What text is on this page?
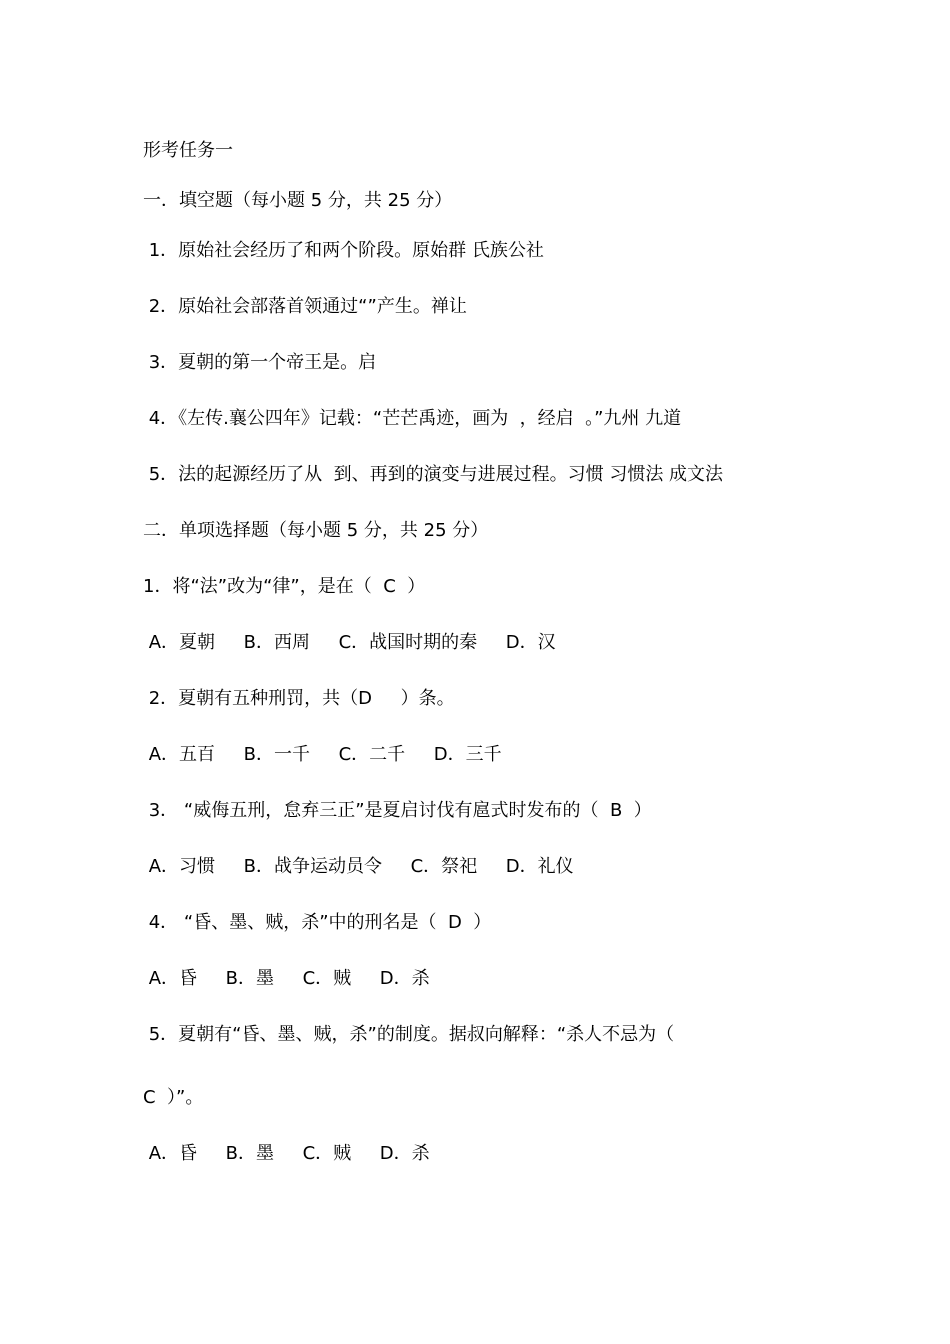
形考任务一

一．填空题（每小题 5 分，共 25 分）

1．原始社会经历了和两个阶段。原始群 氏族公社

2．原始社会部落首领通过“”产生。禅让

3．夏朝的第一个帝王是。启

4．《左传.襄公四年》记载：“芒芒禹迹，画为  ，经启  。”九州 九道

5．法的起源经历了从  到、再到的演变与进展过程。习惯 习惯法 成文法

二．单项选择题（每小题 5 分，共 25 分）

1．将“法”改为“律”，是在（  C  ）

A．夏朝     B．西周     C．战国时期的秦     D．汉

2．夏朝有五种刑罚，共（D     ）条。

A．五百     B．一千     C．二千     D．三千

3． “威侮五刑，怠弃三正”是夏启讨伐有扈式时发布的（  B  ）

A．习惯     B．战争运动员令     C．祭祀     D．礼仪

4． “昏、墨、贼，杀”中的刑名是（  D  ）

A．昏     B．墨     C．贼     D．杀

5．夏朝有“昏、墨、贼，杀”的制度。据叔向解释：“杀人不忌为（

C  ）”。

A．昏     B．墨     C．贼     D．杀
